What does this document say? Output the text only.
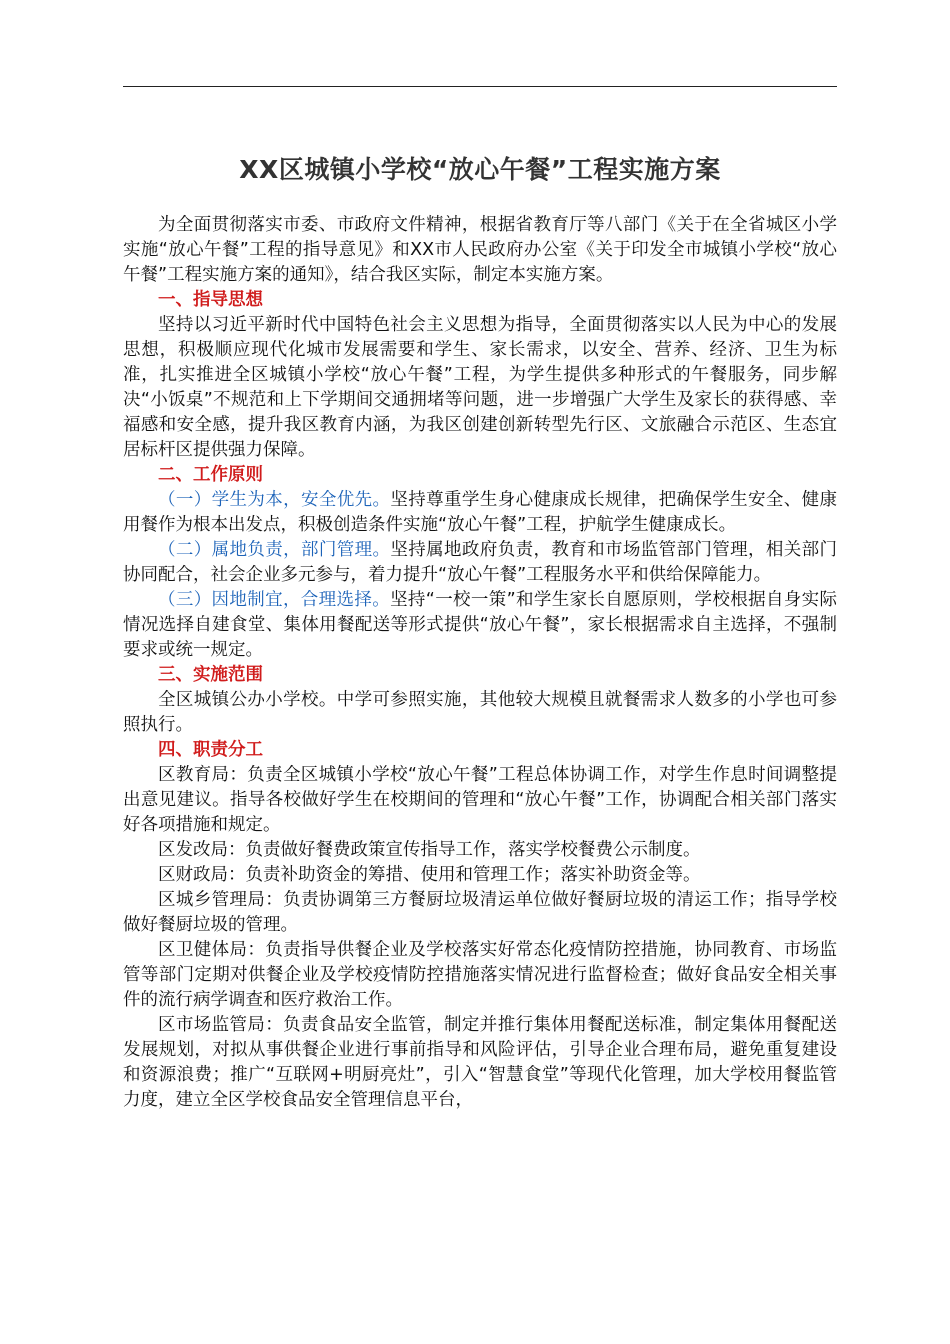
XX区城镇小学校“放心午餐”工程实施方案

为全面贯彻落实市委、市政府文件精神，根据省教育厅等八部门《关于在全省城区小学实施“放心午餐”工程的指导意见》和XX市人民政府办公室《关于印发全市城镇小学校“放心午餐”工程实施方案的通知》，结合我区实际，制定本实施方案。

一、指导思想

坚持以习近平新时代中国特色社会主义思想为指导，全面贯彻落实以人民为中心的发展思想，积极顺应现代化城市发展需要和学生、家长需求，以安全、营养、经济、卫生为标准，扎实推进全区城镇小学校“放心午餐”工程，为学生提供多种形式的午餐服务，同步解决“小饭桌”不规范和上下学期间交通拥堵等问题，进一步增强广大学生及家长的获得感、幸福感和安全感，提升我区教育内涵，为我区创建创新转型先行区、文旅融合示范区、生态宜居标杆区提供强力保障。

二、工作原则

（一）学生为本，安全优先。坚持尊重学生身心健康成长规律，把确保学生安全、健康用餐作为根本出发点，积极创造条件实施“放心午餐”工程，护航学生健康成长。

（二）属地负责，部门管理。坚持属地政府负责，教育和市场监管部门管理，相关部门协同配合，社会企业多元参与，着力提升“放心午餐”工程服务水平和供给保障能力。

（三）因地制宜，合理选择。坚持“一校一策”和学生家长自愿原则，学校根据自身实际情况选择自建食堂、集体用餐配送等形式提供“放心午餐”，家长根据需求自主选择，不强制要求或统一规定。

三、实施范围

全区城镇公办小学校。中学可参照实施，其他较大规模且就餐需求人数多的小学也可参照执行。

四、职责分工

区教育局：负责全区城镇小学校“放心午餐”工程总体协调工作，对学生作息时间调整提出意见建议。指导各校做好学生在校期间的管理和“放心午餐”工作，协调配合相关部门落实好各项措施和规定。

区发改局：负责做好餐费政策宣传指导工作，落实学校餐费公示制度。

区财政局：负责补助资金的筹措、使用和管理工作；落实补助资金等。

区城乡管理局：负责协调第三方餐厨垃圾清运单位做好餐厨垃圾的清运工作；指导学校做好餐厨垃圾的管理。

区卫健体局：负责指导供餐企业及学校落实好常态化疫情防控措施，协同教育、市场监管等部门定期对供餐企业及学校疫情防控措施落实情况进行监督检查；做好食品安全相关事件的流行病学调查和医疗救治工作。

区市场监管局：负责食品安全监管，制定并推行集体用餐配送标准，制定集体用餐配送发展规划，对拟从事供餐企业进行事前指导和风险评估，引导企业合理布局，避免重复建设和资源浪费；推广“互联网+明厨亮灶”，引入“智慧食堂”等现代化管理，加大学校用餐监管力度，建立全区学校食品安全管理信息平台，
